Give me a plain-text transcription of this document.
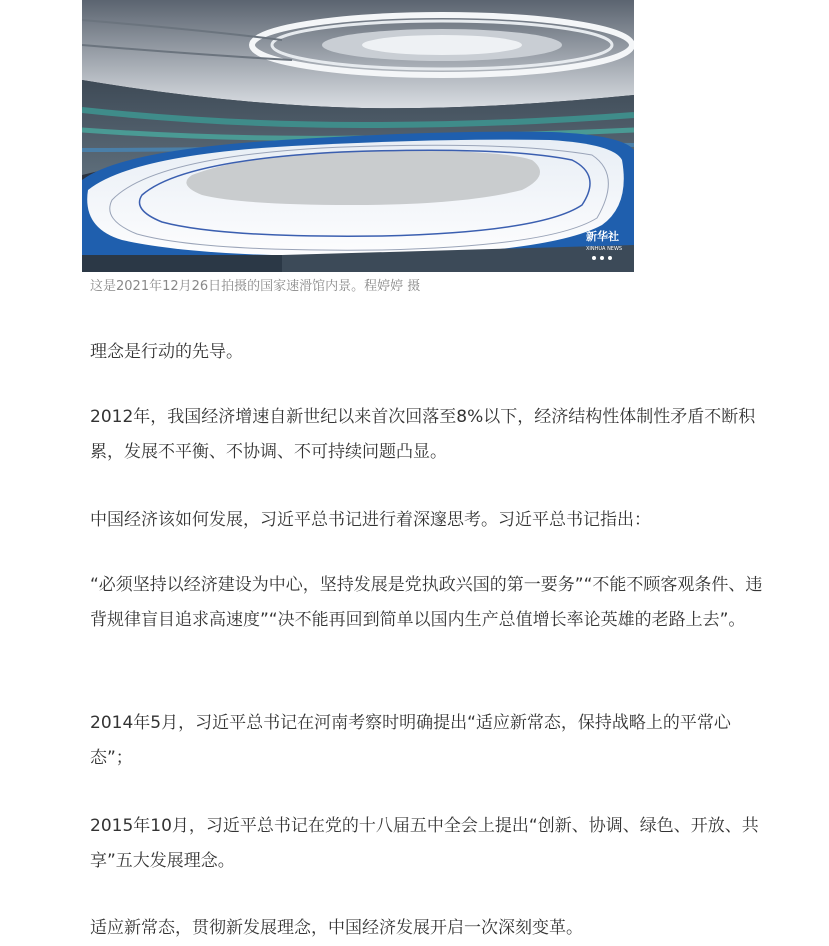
新华社
XINHUA NEWS
这是2021年12月26日拍摄的国家速滑馆内景。程婷婷 摄

理念是行动的先导。

2012年，我国经济增速自新世纪以来首次回落至8%以下，经济结构性体制性矛盾不断积累，发展不平衡、不协调、不可持续问题凸显。

中国经济该如何发展，习近平总书记进行着深邃思考。习近平总书记指出：

“必须坚持以经济建设为中心，坚持发展是党执政兴国的第一要务”“不能不顾客观条件、违背规律盲目追求高速度”“决不能再回到简单以国内生产总值增长率论英雄的老路上去”。

2014年5月，习近平总书记在河南考察时明确提出“适应新常态，保持战略上的平常心态”；

2015年10月，习近平总书记在党的十八届五中全会上提出“创新、协调、绿色、开放、共享”五大发展理念。

适应新常态，贯彻新发展理念，中国经济发展开启一次深刻变革。
